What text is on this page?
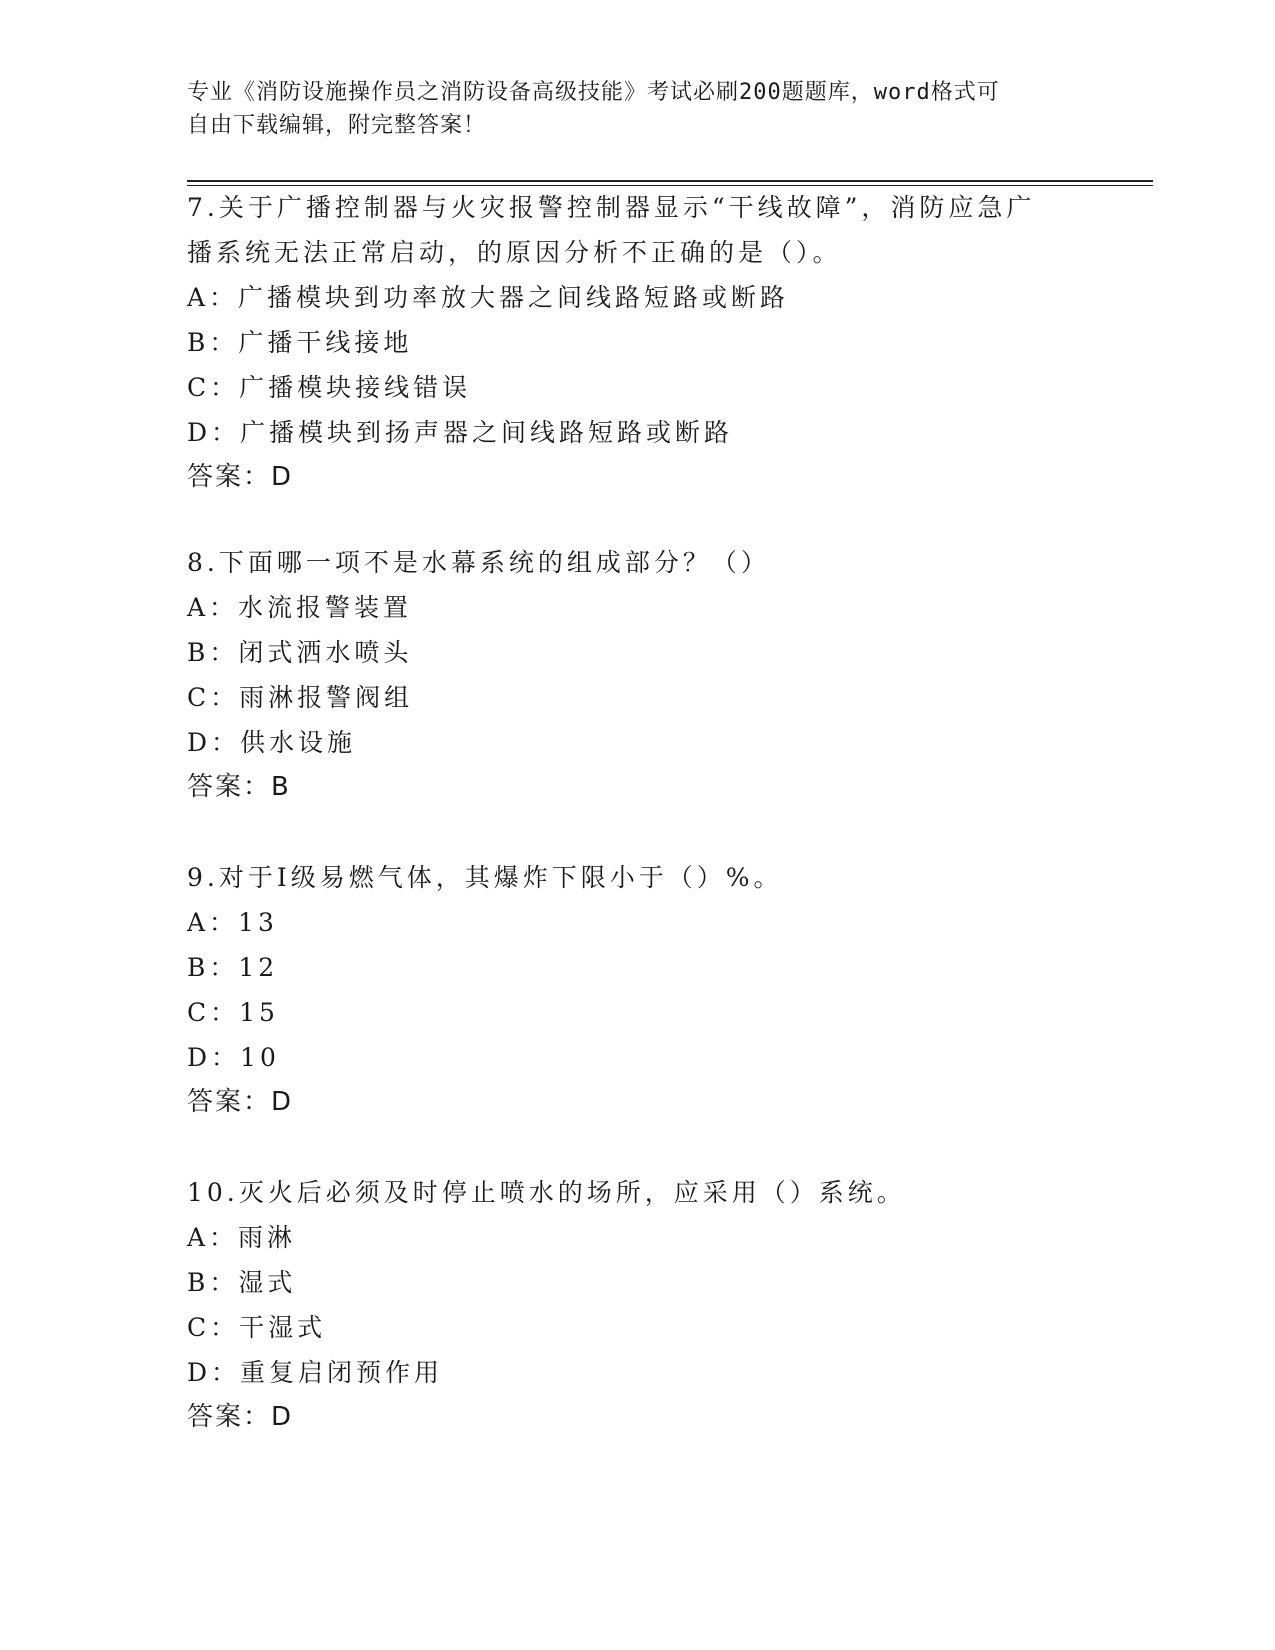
专业《消防设施操作员之消防设备高级技能》考试必刷200题题库，word格式可
自由下载编辑，附完整答案！
7.关于广播控制器与火灾报警控制器显示“干线故障”，消防应急广
播系统无法正常启动，的原因分析不正确的是（）。
A：广播模块到功率放大器之间线路短路或断路
B：广播干线接地
C：广播模块接线错误
D：广播模块到扬声器之间线路短路或断路
答案：D
8.下面哪一项不是水幕系统的组成部分？（）
A：水流报警装置
B：闭式洒水喷头
C：雨淋报警阀组
D：供水设施
答案：B
9.对于Ⅰ级易燃气体，其爆炸下限小于（）%。
A：13
B：12
C：15
D：10
答案：D
10.灭火后必须及时停止喷水的场所，应采用（）系统。
A：雨淋
B：湿式
C：干湿式
D：重复启闭预作用
答案：D
